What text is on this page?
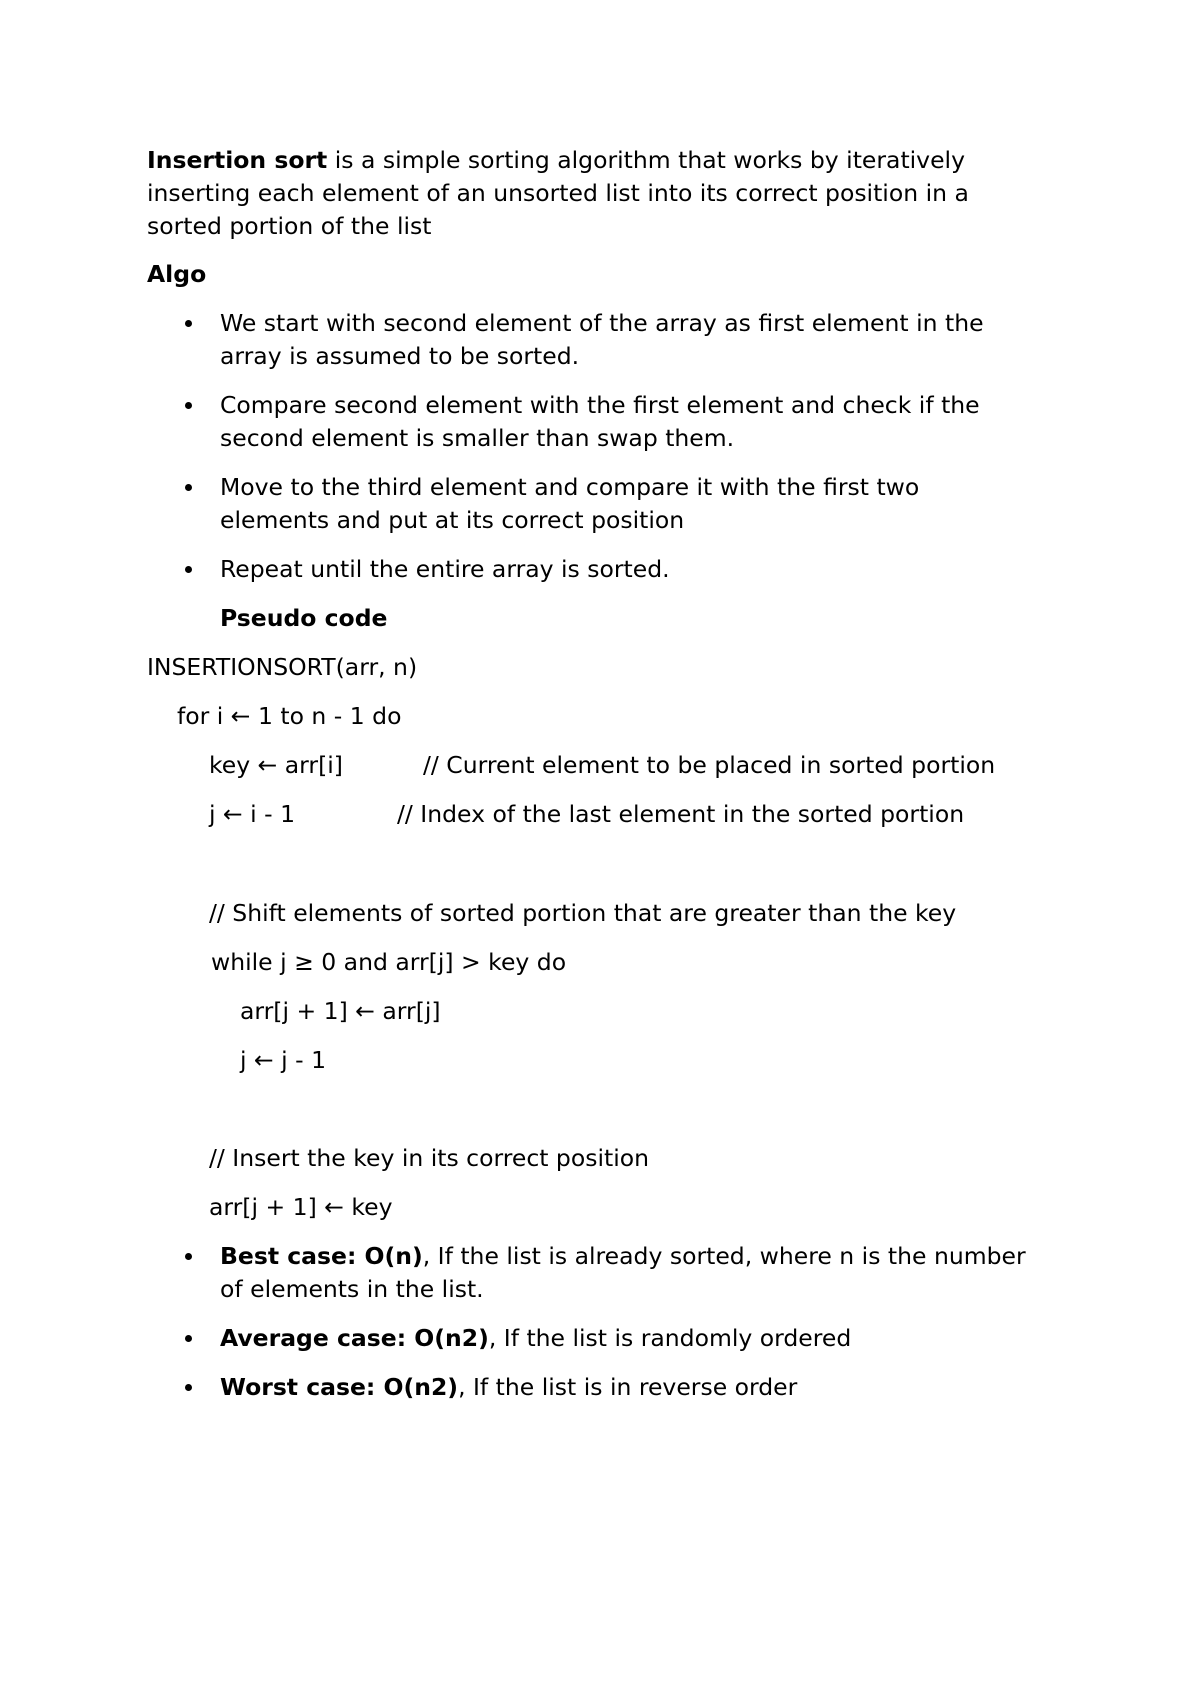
Insertion sort is a simple sorting algorithm that works by iteratively
inserting each element of an unsorted list into its correct position in a
sorted portion of the list
Algo
We start with second element of the array as first element in the
array is assumed to be sorted.
Compare second element with the first element and check if the
second element is smaller than swap them.
Move to the third element and compare it with the first two
elements and put at its correct position
Repeat until the entire array is sorted.
Pseudo code
INSERTIONSORT(arr, n)
for i ← 1 to n - 1 do
key ← arr[i]	// Current element to be placed in sorted portion
j ← i - 1	// Index of the last element in the sorted portion
// Shift elements of sorted portion that are greater than the key
while j ≥ 0 and arr[j] > key do
arr[j + 1] ← arr[j]
j ← j - 1
// Insert the key in its correct position
arr[j + 1] ← key
Best case: O(n), If the list is already sorted, where n is the number
of elements in the list.
Average case: O(n2), If the list is randomly ordered
Worst case: O(n2), If the list is in reverse order
